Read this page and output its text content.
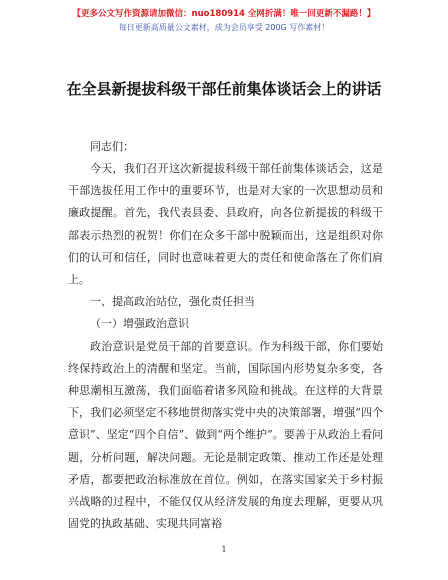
【更多公文写作资源请加微信：nuo180914 全网折满！唯一回更新不漏路！】
每日更新高质量公文素材，成为会员享受 200G 写作素材！
在全县新提拔科级干部任前集体谈话会上的讲话
同志们：

今天，我们召开这次新提拔科级干部任前集体谈话会，这是干部选拔任用工作中的重要环节，也是对大家的一次思想动员和廉政提醒。首先，我代表县委、县政府，向各位新提拔的科级干部表示热烈的祝贺！你们在众多干部中脱颖而出，这是组织对你们的认可和信任，同时也意味着更大的责任和使命落在了你们肩上。

一、提高政治站位，强化责任担当

（一）增强政治意识

政治意识是党员干部的首要意识。作为科级干部，你们要始终保持政治上的清醒和坚定。当前，国际国内形势复杂多变，各种思潮相互激荡，我们面临着诸多风险和挑战。在这样的大背景下，我们必须坚定不移地贯彻落实党中央的决策部署，增强“四个意识”、坚定“四个自信”、做到“两个维护”。要善于从政治上看问题，分析问题，解决问题。无论是制定政策、推动工作还是处理矛盾，都要把政治标准放在首位。例如，在落实国家关于乡村振兴战略的过程中，不能仅仅从经济发展的角度去理解，更要从巩固党的执政基础、实现共同富裕

1
